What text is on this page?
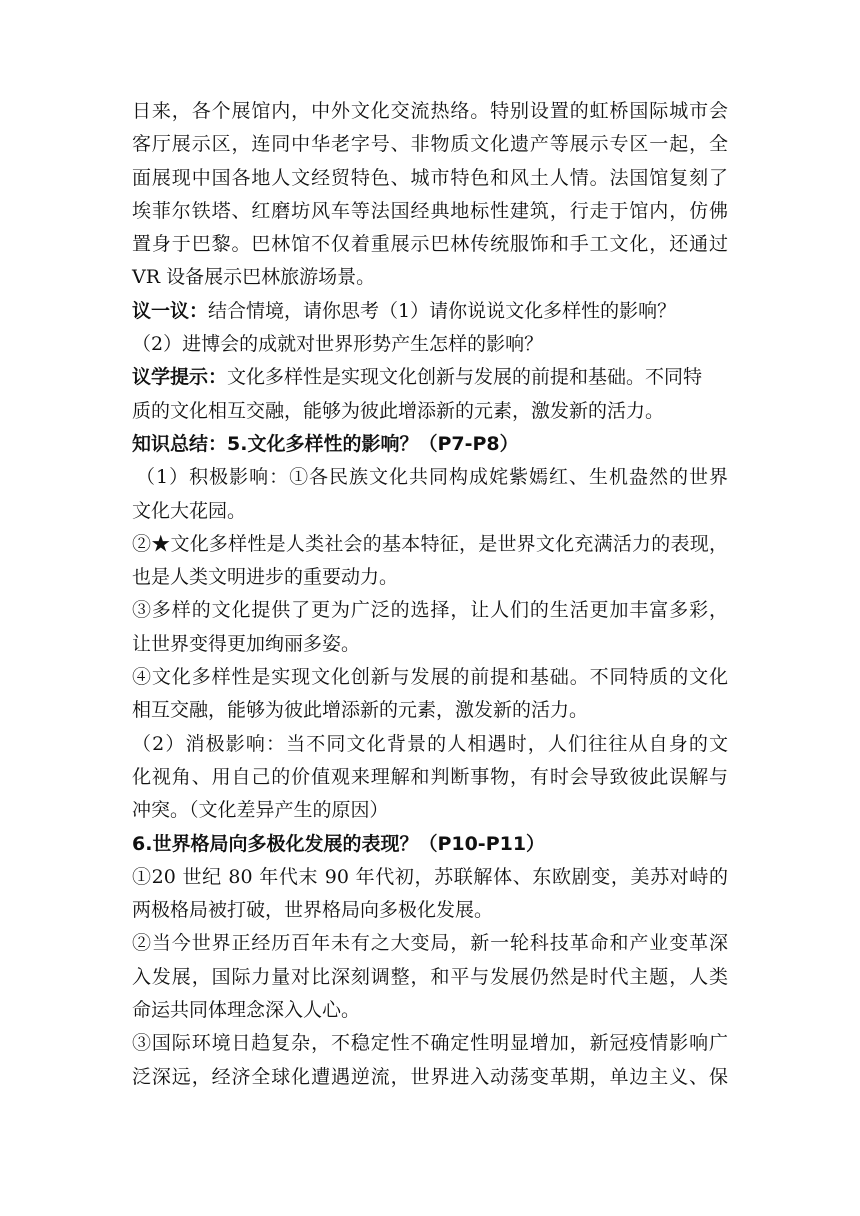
日来，各个展馆内，中外文化交流热络。特别设置的虹桥国际城市会
客厅展示区，连同中华老字号、非物质文化遗产等展示专区一起，全
面展现中国各地人文经贸特色、城市特色和风土人情。法国馆复刻了
埃菲尔铁塔、红磨坊风车等法国经典地标性建筑，行走于馆内，仿佛
置身于巴黎。巴林馆不仅着重展示巴林传统服饰和手工文化，还通过
VR 设备展示巴林旅游场景。
议一议：结合情境，请你思考（1）请你说说文化多样性的影响？
（2）进博会的成就对世界形势产生怎样的影响？
议学提示：文化多样性是实现文化创新与发展的前提和基础。不同特
质的文化相互交融，能够为彼此增添新的元素，激发新的活力。
知识总结：5.文化多样性的影响？（P7-P8）
（1）积极影响：①各民族文化共同构成姹紫嫣红、生机盎然的世界
文化大花园。
②★文化多样性是人类社会的基本特征，是世界文化充满活力的表现，
也是人类文明进步的重要动力。
③多样的文化提供了更为广泛的选择，让人们的生活更加丰富多彩，
让世界变得更加绚丽多姿。
④文化多样性是实现文化创新与发展的前提和基础。不同特质的文化
相互交融，能够为彼此增添新的元素，激发新的活力。
（2）消极影响：当不同文化背景的人相遇时，人们往往从自身的文
化视角、用自己的价值观来理解和判断事物，有时会导致彼此误解与
冲突。（文化差异产生的原因）
6.世界格局向多极化发展的表现？（P10-P11）
①20 世纪 80 年代末 90 年代初，苏联解体、东欧剧变，美苏对峙的
两极格局被打破，世界格局向多极化发展。
②当今世界正经历百年未有之大变局，新一轮科技革命和产业变革深
入发展，国际力量对比深刻调整，和平与发展仍然是时代主题，人类
命运共同体理念深入人心。
③国际环境日趋复杂，不稳定性不确定性明显增加，新冠疫情影响广
泛深远，经济全球化遭遇逆流，世界进入动荡变革期，单边主义、保
